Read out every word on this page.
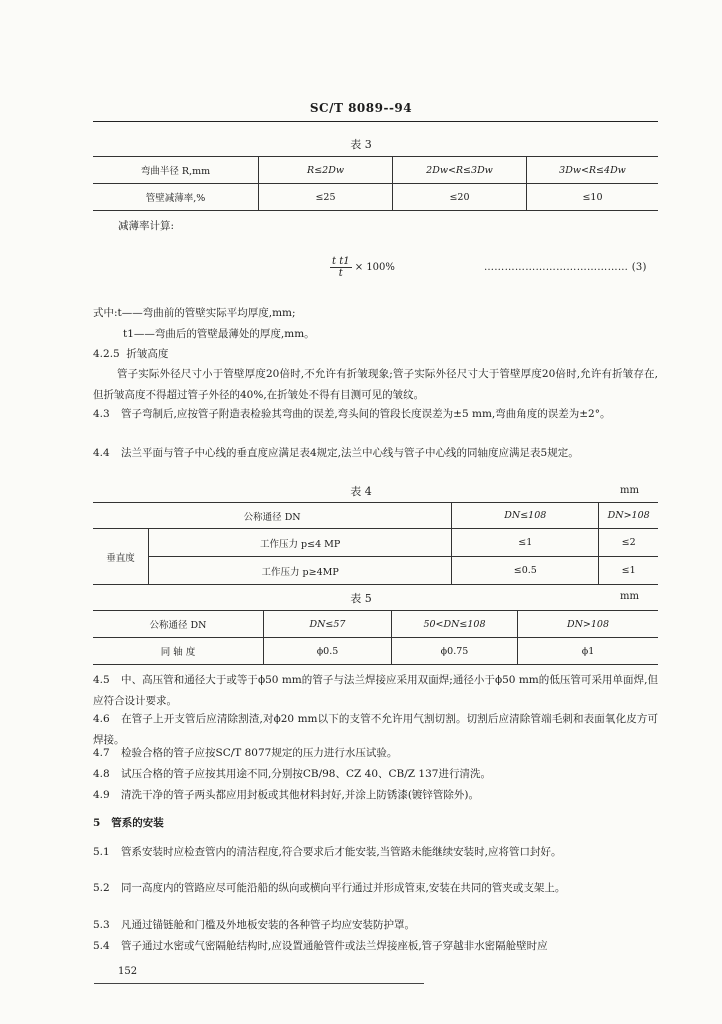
SC/T 8089--94
表 3
弯曲半径 R,mm	R≤2Dw	2Dw<R≤3Dw	3Dw<R≤4Dw
管壁减薄率,%	≤25	≤20	≤10
减薄率计算:
$\frac{\text{t t1}}{t} \times 100\%$	…………………………………… (3)
式中:t——弯曲前的管壁实际平均厚度,mm;
t1——弯曲后的管壁最薄处的厚度,mm。
4.2.5 折皱高度
管子实际外径尺寸小于管壁厚度20倍时,不允许有折皱现象;管子实际外径尺寸大于管壁厚度20倍时,允许有折皱存在,但折皱高度不得超过管子外径的40%,在折皱处不得有目测可见的皱纹。
4.3 管子弯制后,应按管子附造表检验其弯曲的误差,弯头间的管段长度误差为±5 mm,弯曲角度的误差为±2°。
4.4 法兰平面与管子中心线的垂直度应满足表4规定,法兰中心线与管子中心线的同轴度应满足表5规定。
表 4	mm
公称通径 DN		DN≤108	DN>108
垂直度	工作压力 p≤4 MP	≤1	≤2
	工作压力 p≥4MP	≤0.5	≤1
表 5	mm
公称通径 DN	DN≤57	50<DN≤108	DN>108
同 轴 度	ϕ0.5	ϕ0.75	ϕ1
4.5 中、高压管和通径大于或等于ϕ50 mm的管子与法兰焊接应采用双面焊;通径小于ϕ50 mm的低压管可采用单面焊,但应符合设计要求。
4.6 在管子上开支管后应清除割渣,对ϕ20 mm以下的支管不允许用气割切割。切割后应清除管端毛刺和表面氧化皮方可焊接。
4.7 检验合格的管子应按SC/T 8077规定的压力进行水压试验。
4.8 试压合格的管子应按其用途不同,分别按CB/98、CZ 40、CB/Z 137进行清洗。
4.9 清洗干净的管子两头都应用封板或其他材料封好,并涂上防锈漆(镀锌管除外)。
5 管系的安装
5.1 管系安装时应检查管内的清洁程度,符合要求后才能安装,当管路未能继续安装时,应将管口封好。
5.2 同一高度内的管路应尽可能沿船的纵向或横向平行通过并形成管束,安装在共同的管夹或支架上。
5.3 凡通过锚链舱和门槛及外地板安装的各种管子均应安装防护罩。
5.4 管子通过水密或气密隔舱结构时,应设置通舱管件或法兰焊接座板,管子穿越非水密隔舱壁时应
152
